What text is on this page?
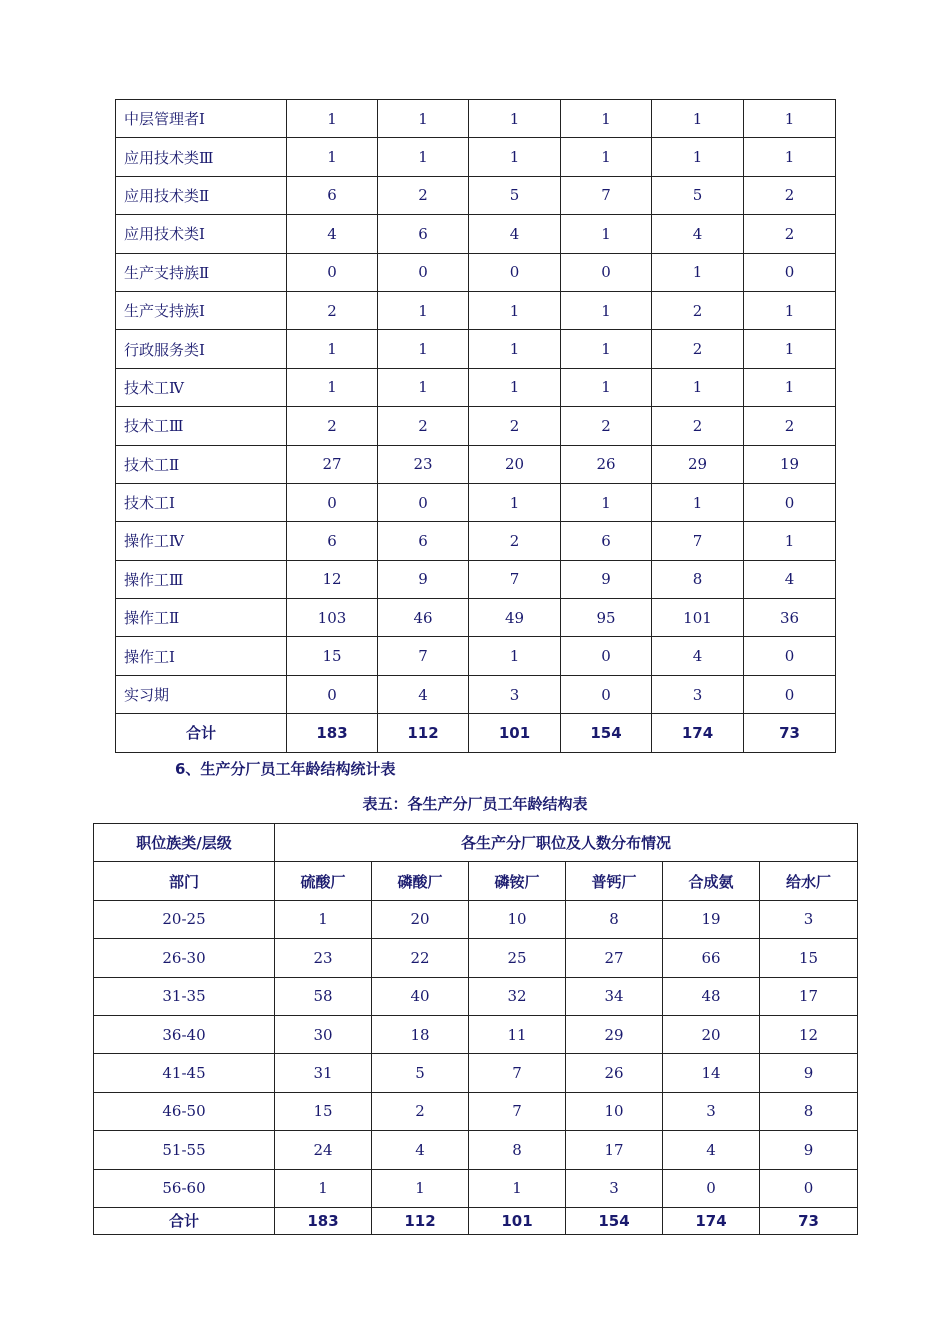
中层管理者Ⅰ	1	1	1	1	1	1
应用技术类Ⅲ	1	1	1	1	1	1
应用技术类Ⅱ	6	2	5	7	5	2
应用技术类Ⅰ	4	6	4	1	4	2
生产支持族Ⅱ	0	0	0	0	1	0
生产支持族Ⅰ	2	1	1	1	2	1
行政服务类Ⅰ	1	1	1	1	2	1
技术工Ⅳ	1	1	1	1	1	1
技术工Ⅲ	2	2	2	2	2	2
技术工Ⅱ	27	23	20	26	29	19
技术工Ⅰ	0	0	1	1	1	0
操作工Ⅳ	6	6	2	6	7	1
操作工Ⅲ	12	9	7	9	8	4
操作工Ⅱ	103	46	49	95	101	36
操作工Ⅰ	15	7	1	0	4	0
实习期	0	4	3	0	3	0
合计	183	112	101	154	174	73
6、生产分厂员工年龄结构统计表
表五：各生产分厂员工年龄结构表
职位族类/层级	各生产分厂职位及人数分布情况					
部门	硫酸厂	磷酸厂	磷铵厂	普钙厂	合成氨	给水厂
20-25	1	20	10	8	19	3
26-30	23	22	25	27	66	15
31-35	58	40	32	34	48	17
36-40	30	18	11	29	20	12
41-45	31	5	7	26	14	9
46-50	15	2	7	10	3	8
51-55	24	4	8	17	4	9
56-60	1	1	1	3	0	0
合计	183	112	101	154	174	73
